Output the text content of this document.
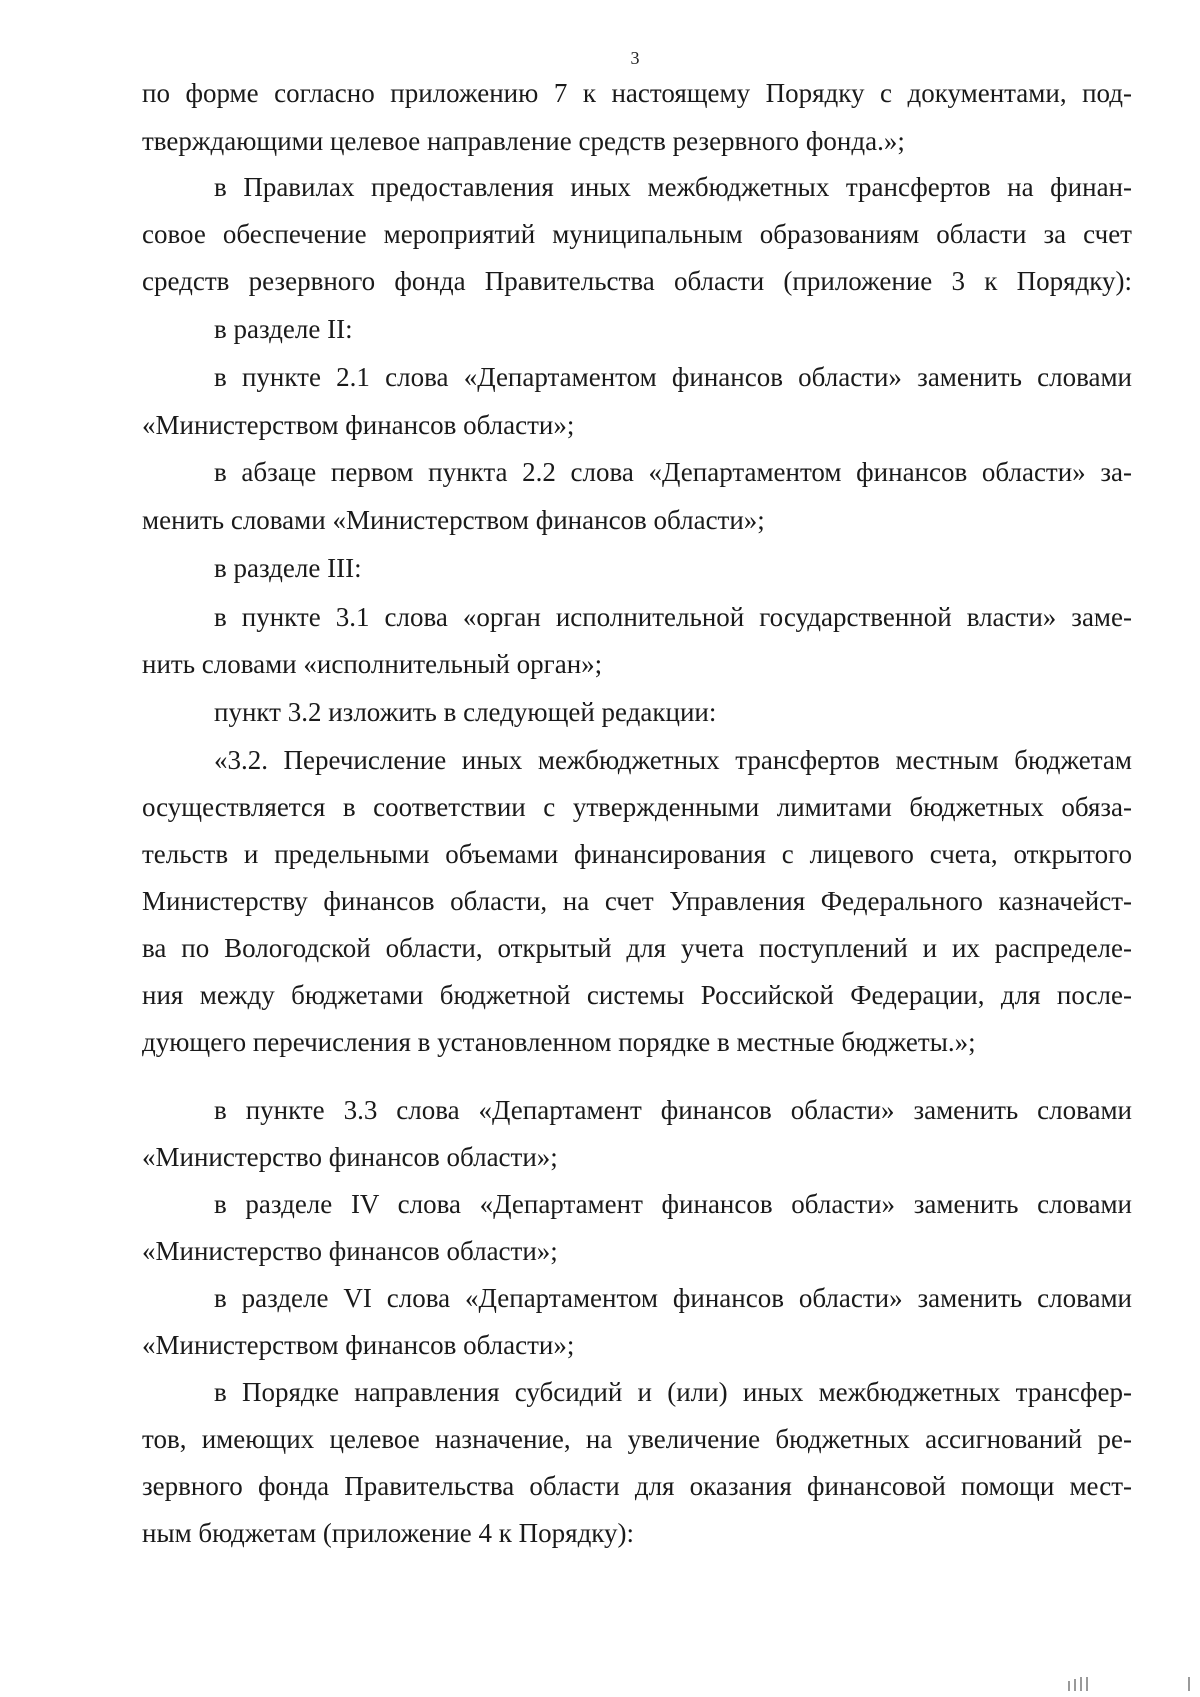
3
по форме согласно приложению 7 к настоящему Порядку с документами, под-
тверждающими целевое направление средств резервного фонда.»;
в Правилах предоставления иных межбюджетных трансфертов на финан-
совое обеспечение мероприятий муниципальным образованиям области за счет
средств резервного фонда Правительства области (приложение 3 к Порядку):
в разделе II:
в пункте 2.1 слова «Департаментом финансов области» заменить словами
«Министерством финансов области»;
в абзаце первом пункта 2.2 слова «Департаментом финансов области» за-
менить словами «Министерством финансов области»;
в разделе III:
в пункте 3.1 слова «орган исполнительной государственной власти» заме-
нить словами «исполнительный орган»;
пункт 3.2 изложить в следующей редакции:
«3.2. Перечисление иных межбюджетных трансфертов местным бюджетам
осуществляется в соответствии с утвержденными лимитами бюджетных обяза-
тельств и предельными объемами финансирования с лицевого счета, открытого
Министерству финансов области, на счет Управления Федерального казначейст-
ва по Вологодской области, открытый для учета поступлений и их распределе-
ния между бюджетами бюджетной системы Российской Федерации, для после-
дующего перечисления в установленном порядке в местные бюджеты.»;
в пункте 3.3 слова «Департамент финансов области» заменить словами
«Министерство финансов области»;
в разделе IV слова «Департамент финансов области» заменить словами
«Министерство финансов области»;
в разделе VI слова «Департаментом финансов области» заменить словами
«Министерством финансов области»;
в Порядке направления субсидий и (или) иных межбюджетных трансфер-
тов, имеющих целевое назначение, на увеличение бюджетных ассигнований ре-
зервного фонда Правительства области для оказания финансовой помощи мест-
ным бюджетам (приложение 4 к Порядку):
